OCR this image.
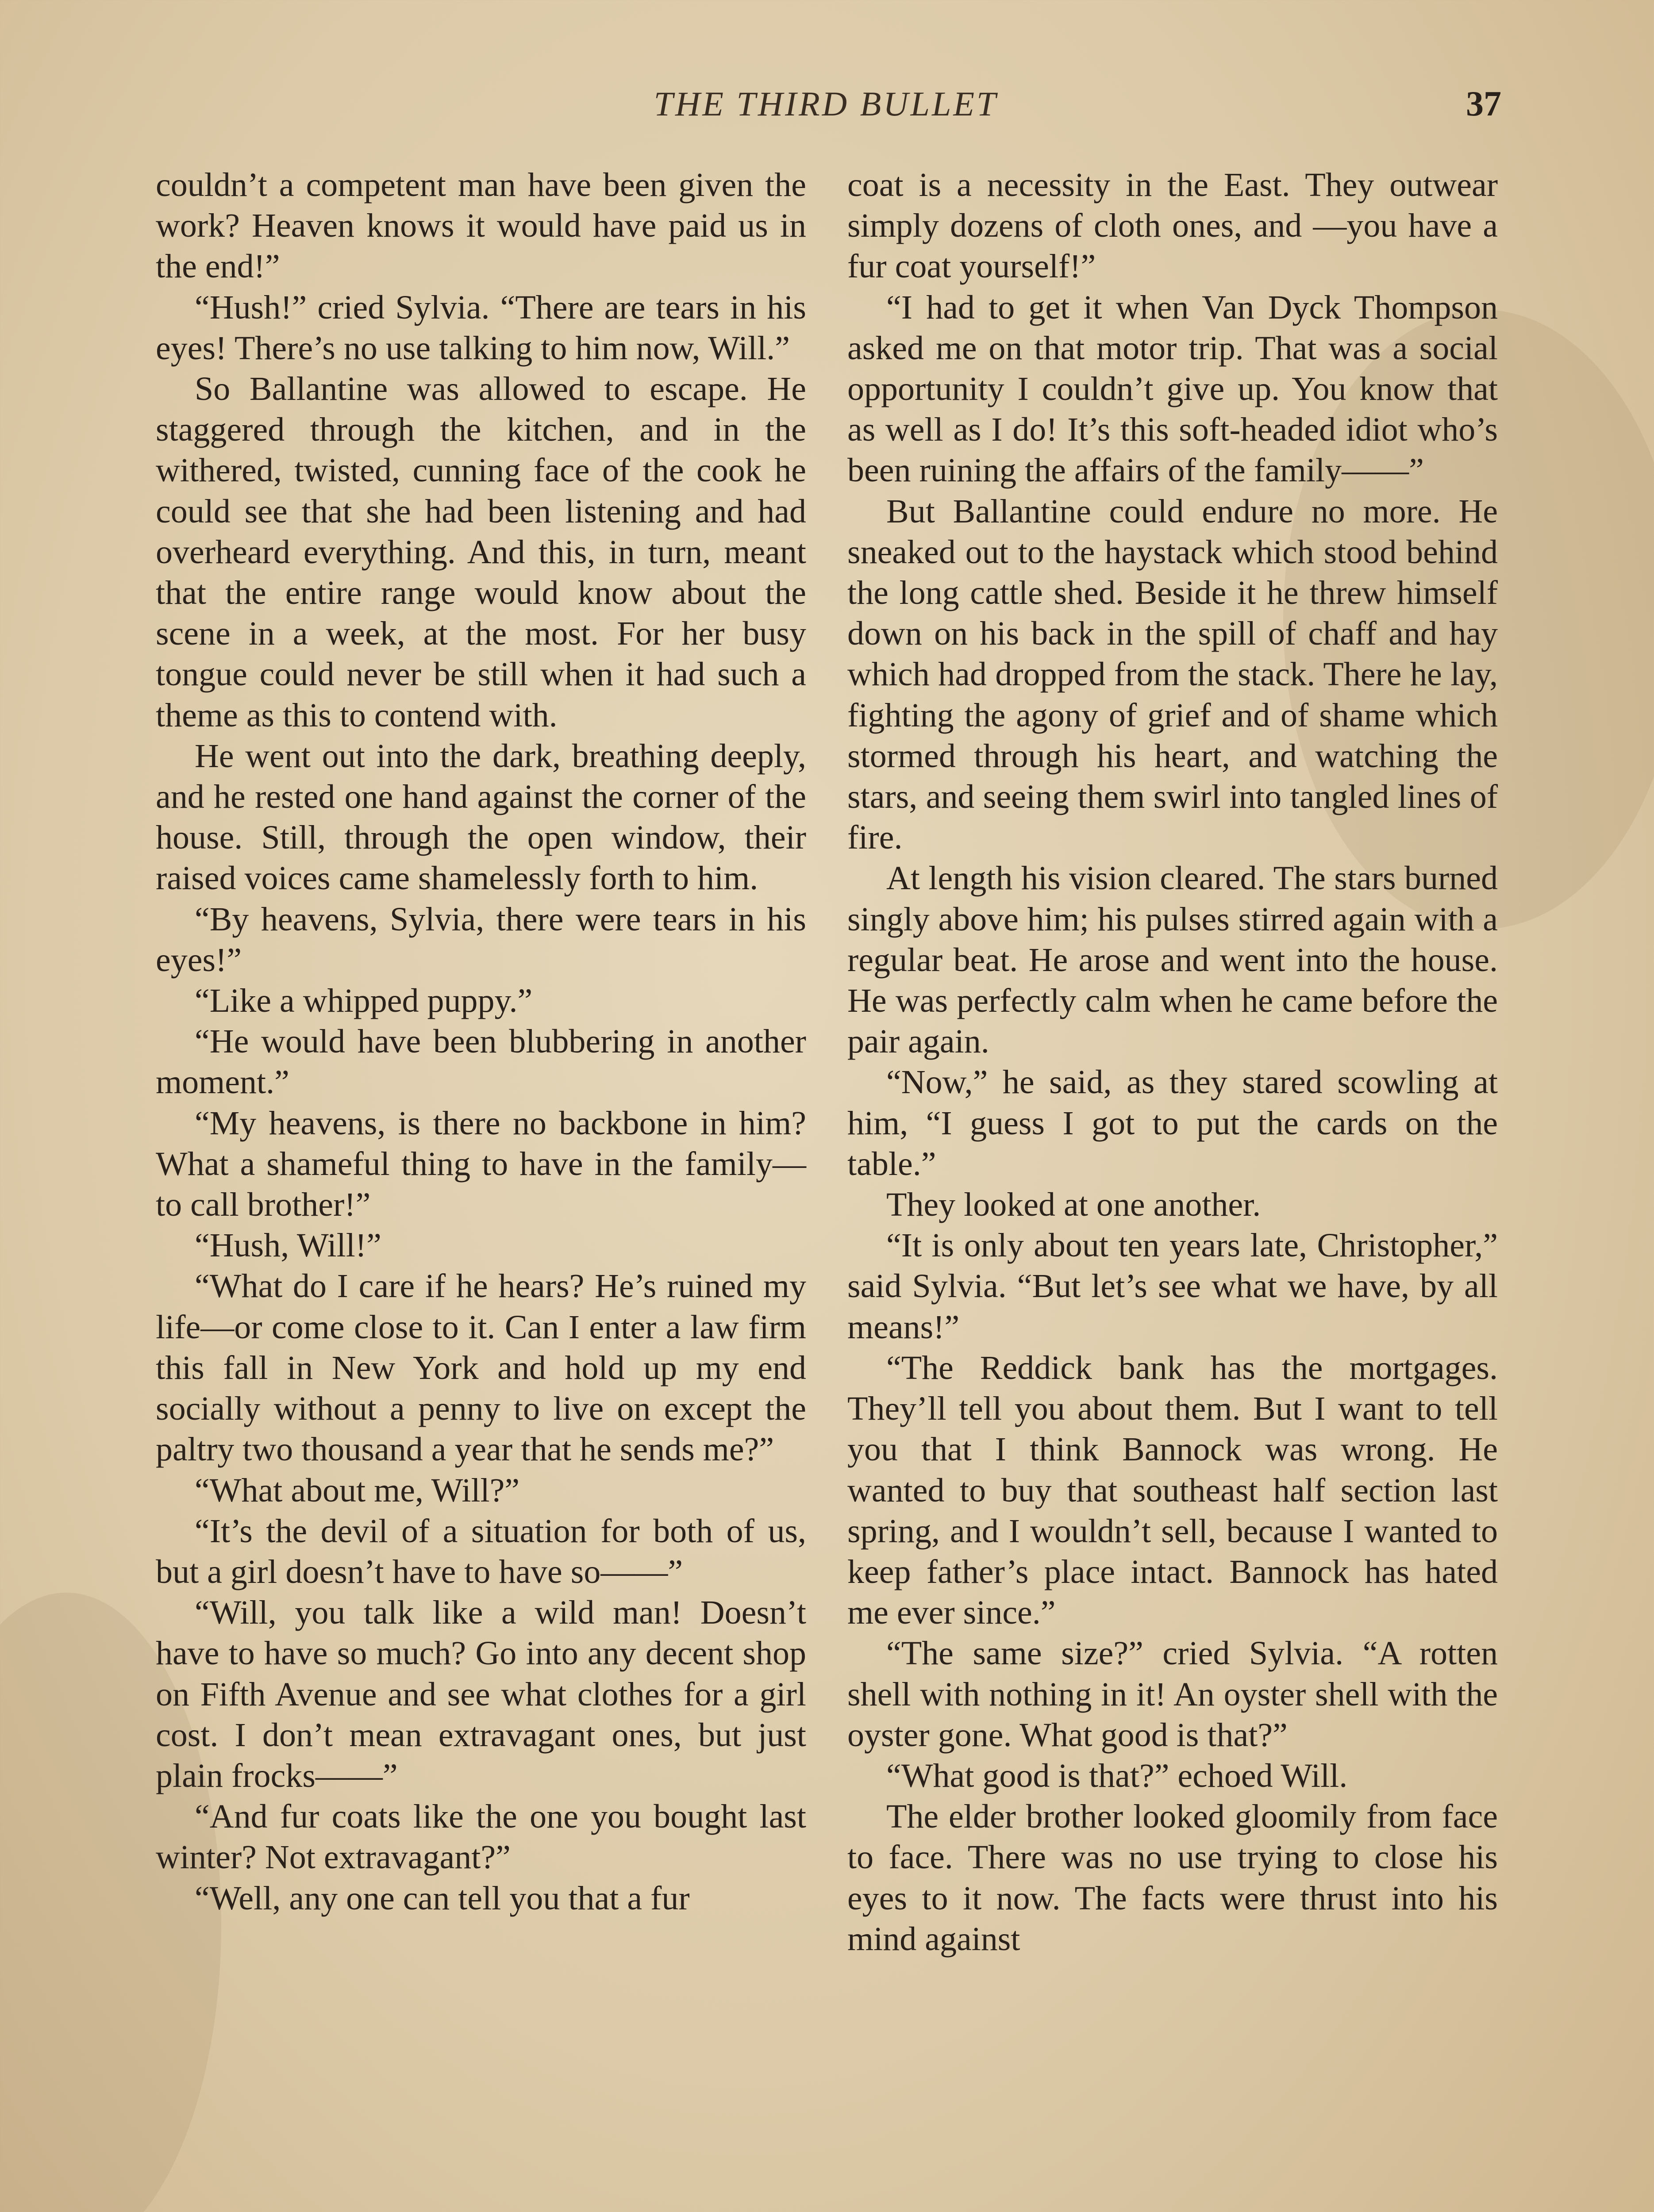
THE THIRD BULLET	37

couldn’t a competent man have been given the work? Heaven knows it would have paid us in the end!”

“Hush!” cried Sylvia. “There are tears in his eyes! There’s no use talking to him now, Will.”

So Ballantine was allowed to escape. He staggered through the kitchen, and in the withered, twisted, cunning face of the cook he could see that she had been listening and had overheard everything. And this, in turn, meant that the entire range would know about the scene in a week, at the most. For her busy tongue could never be still when it had such a theme as this to contend with.

He went out into the dark, breathing deeply, and he rested one hand against the corner of the house. Still, through the open window, their raised voices came shamelessly forth to him.

“By heavens, Sylvia, there were tears in his eyes!”

“Like a whipped puppy.”

“He would have been blubbering in another moment.”

“My heavens, is there no backbone in him? What a shameful thing to have in the family—to call brother!”

“Hush, Will!”

“What do I care if he hears? He’s ruined my life—or come close to it. Can I enter a law firm this fall in New York and hold up my end socially without a penny to live on except the paltry two thousand a year that he sends me?”

“What about me, Will?”

“It’s the devil of a situation for both of us, but a girl doesn’t have to have so——”

“Will, you talk like a wild man! Doesn’t have to have so much? Go into any decent shop on Fifth Avenue and see what clothes for a girl cost. I don’t mean extravagant ones, but just plain frocks——”

“And fur coats like the one you bought last winter? Not extravagant?”

“Well, any one can tell you that a fur

coat is a necessity in the East. They outwear simply dozens of cloth ones, and —you have a fur coat yourself!”

“I had to get it when Van Dyck Thompson asked me on that motor trip. That was a social opportunity I couldn’t give up. You know that as well as I do! It’s this soft-headed idiot who’s been ruining the affairs of the family——”

But Ballantine could endure no more. He sneaked out to the haystack which stood behind the long cattle shed. Beside it he threw himself down on his back in the spill of chaff and hay which had dropped from the stack. There he lay, fighting the agony of grief and of shame which stormed through his heart, and watching the stars, and seeing them swirl into tangled lines of fire.

At length his vision cleared. The stars burned singly above him; his pulses stirred again with a regular beat. He arose and went into the house. He was perfectly calm when he came before the pair again.

“Now,” he said, as they stared scowling at him, “I guess I got to put the cards on the table.”

They looked at one another.

“It is only about ten years late, Christopher,” said Sylvia. “But let’s see what we have, by all means!”

“The Reddick bank has the mortgages. They’ll tell you about them. But I want to tell you that I think Bannock was wrong. He wanted to buy that southeast half section last spring, and I wouldn’t sell, because I wanted to keep father’s place intact. Bannock has hated me ever since.”

“The same size?” cried Sylvia. “A rotten shell with nothing in it! An oyster shell with the oyster gone. What good is that?”

“What good is that?” echoed Will.

The elder brother looked gloomily from face to face. There was no use trying to close his eyes to it now. The facts were thrust into his mind against
